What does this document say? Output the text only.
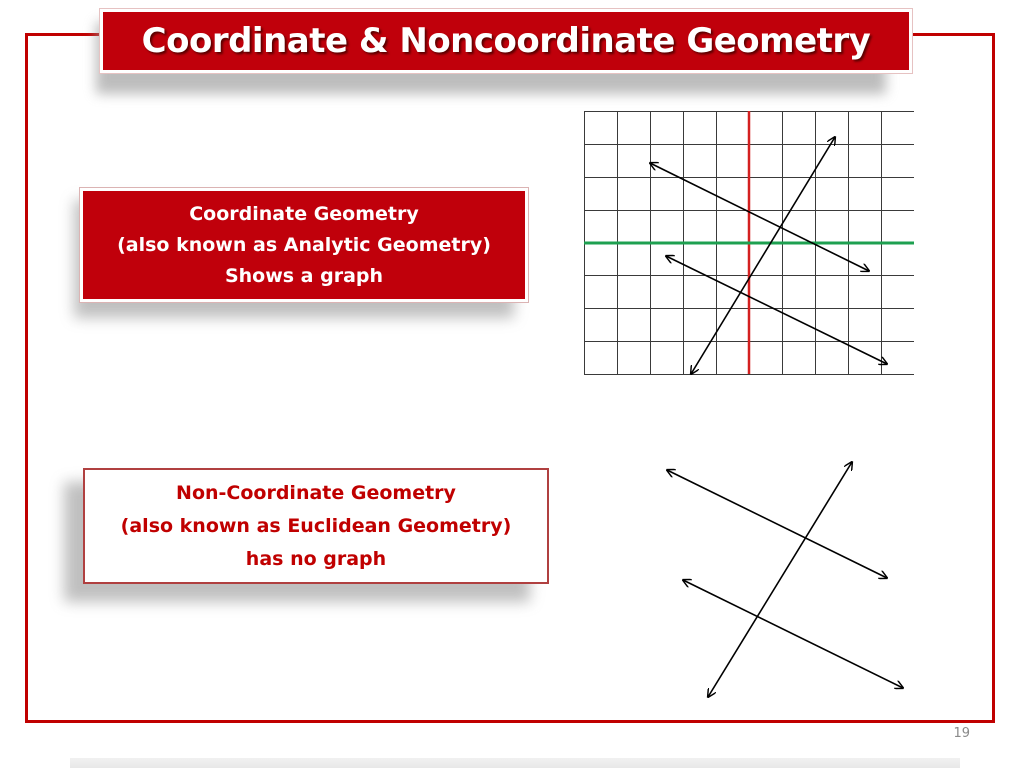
Coordinate & Noncoordinate Geometry
Coordinate Geometry
(also known as Analytic Geometry)
Shows a graph
Non-Coordinate Geometry
(also known as Euclidean Geometry)
has no graph
19
